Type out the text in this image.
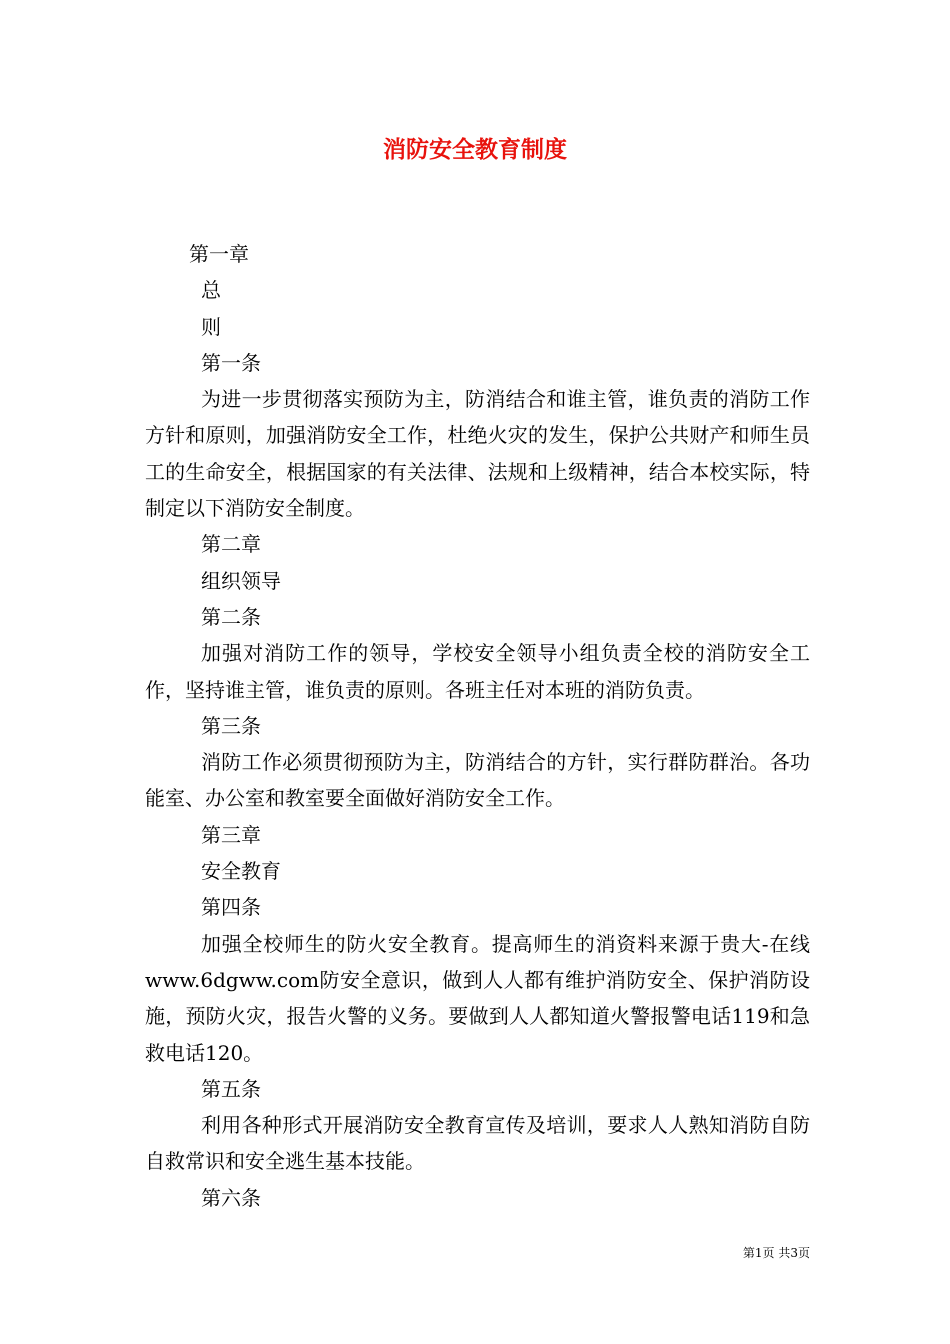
消防安全教育制度
第一章
总
则
第一条
为进一步贯彻落实预防为主，防消结合和谁主管，谁负责的消防工作方针和原则，加强消防安全工作，杜绝火灾的发生，保护公共财产和师生员工的生命安全，根据国家的有关法律、法规和上级精神，结合本校实际，特制定以下消防安全制度。
第二章
组织领导
第二条
加强对消防工作的领导，学校安全领导小组负责全校的消防安全工作，坚持谁主管，谁负责的原则。各班主任对本班的消防负责。
第三条
消防工作必须贯彻预防为主，防消结合的方针，实行群防群治。各功能室、办公室和教室要全面做好消防安全工作。
第三章
安全教育
第四条
加强全校师生的防火安全教育。提高师生的消资料来源于贵大-在线www.6dgww.com防安全意识，做到人人都有维护消防安全、保护消防设施，预防火灾，报告火警的义务。要做到人人都知道火警报警电话119和急救电话120。
第五条
利用各种形式开展消防安全教育宣传及培训，要求人人熟知消防自防自救常识和安全逃生基本技能。
第六条
第1页 共3页
